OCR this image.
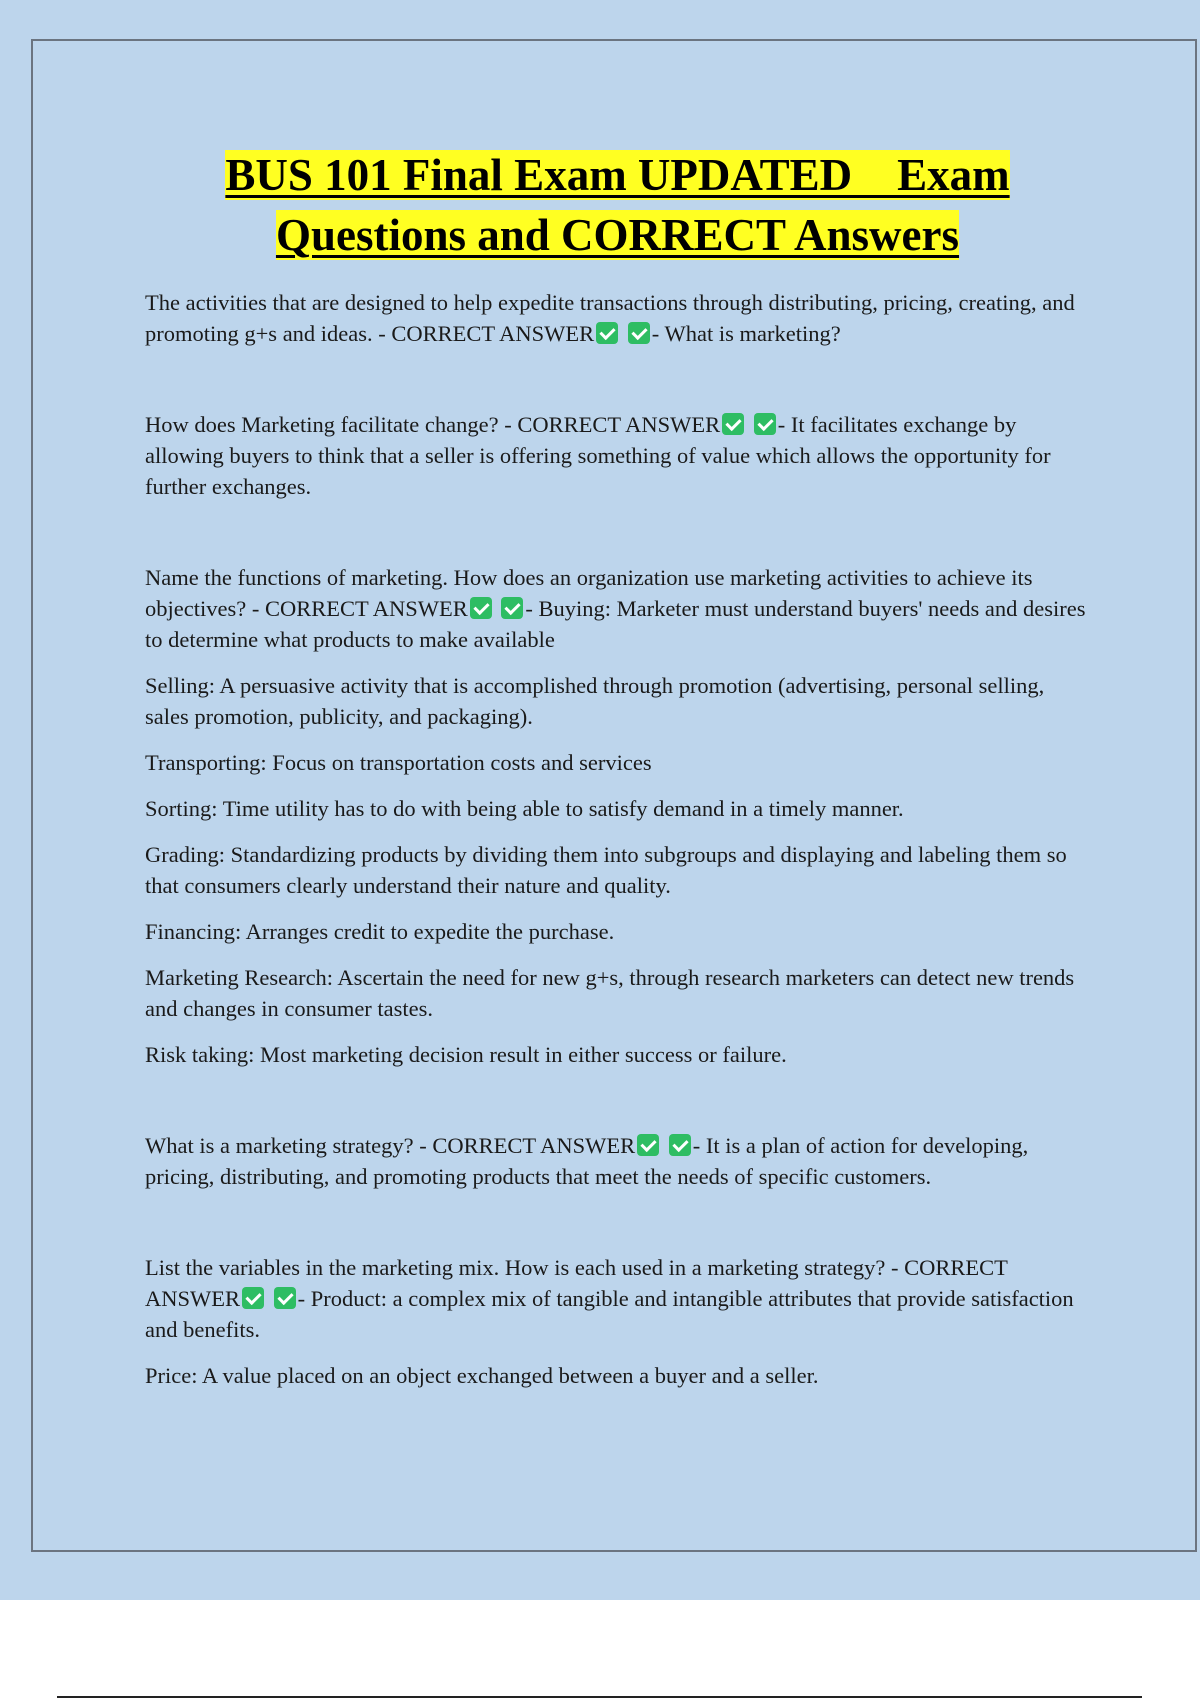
BUS 101 Final Exam UPDATED    Exam Questions and CORRECT Answers

The activities that are designed to help expedite transactions through distributing, pricing, creating, and promoting g+s and ideas. - CORRECT ANSWER	- What is marketing?

How does Marketing facilitate change? - CORRECT ANSWER	- It facilitates exchange by allowing buyers to think that a seller is offering something of value which allows the opportunity for further exchanges.

Name the functions of marketing. How does an organization use marketing activities to achieve its objectives? - CORRECT ANSWER	- Buying: Marketer must understand buyers' needs and desires to determine what products to make available

Selling: A persuasive activity that is accomplished through promotion (advertising, personal selling, sales promotion, publicity, and packaging).

Transporting: Focus on transportation costs and services

Sorting: Time utility has to do with being able to satisfy demand in a timely manner.

Grading: Standardizing products by dividing them into subgroups and displaying and labeling them so that consumers clearly understand their nature and quality.

Financing: Arranges credit to expedite the purchase.

Marketing Research: Ascertain the need for new g+s, through research marketers can detect new trends and changes in consumer tastes.

Risk taking: Most marketing decision result in either success or failure.

What is a marketing strategy? - CORRECT ANSWER	- It is a plan of action for developing, pricing, distributing, and promoting products that meet the needs of specific customers.

List the variables in the marketing mix. How is each used in a marketing strategy? - CORRECT ANSWER	- Product: a complex mix of tangible and intangible attributes that provide satisfaction and benefits.

Price: A value placed on an object exchanged between a buyer and a seller.
